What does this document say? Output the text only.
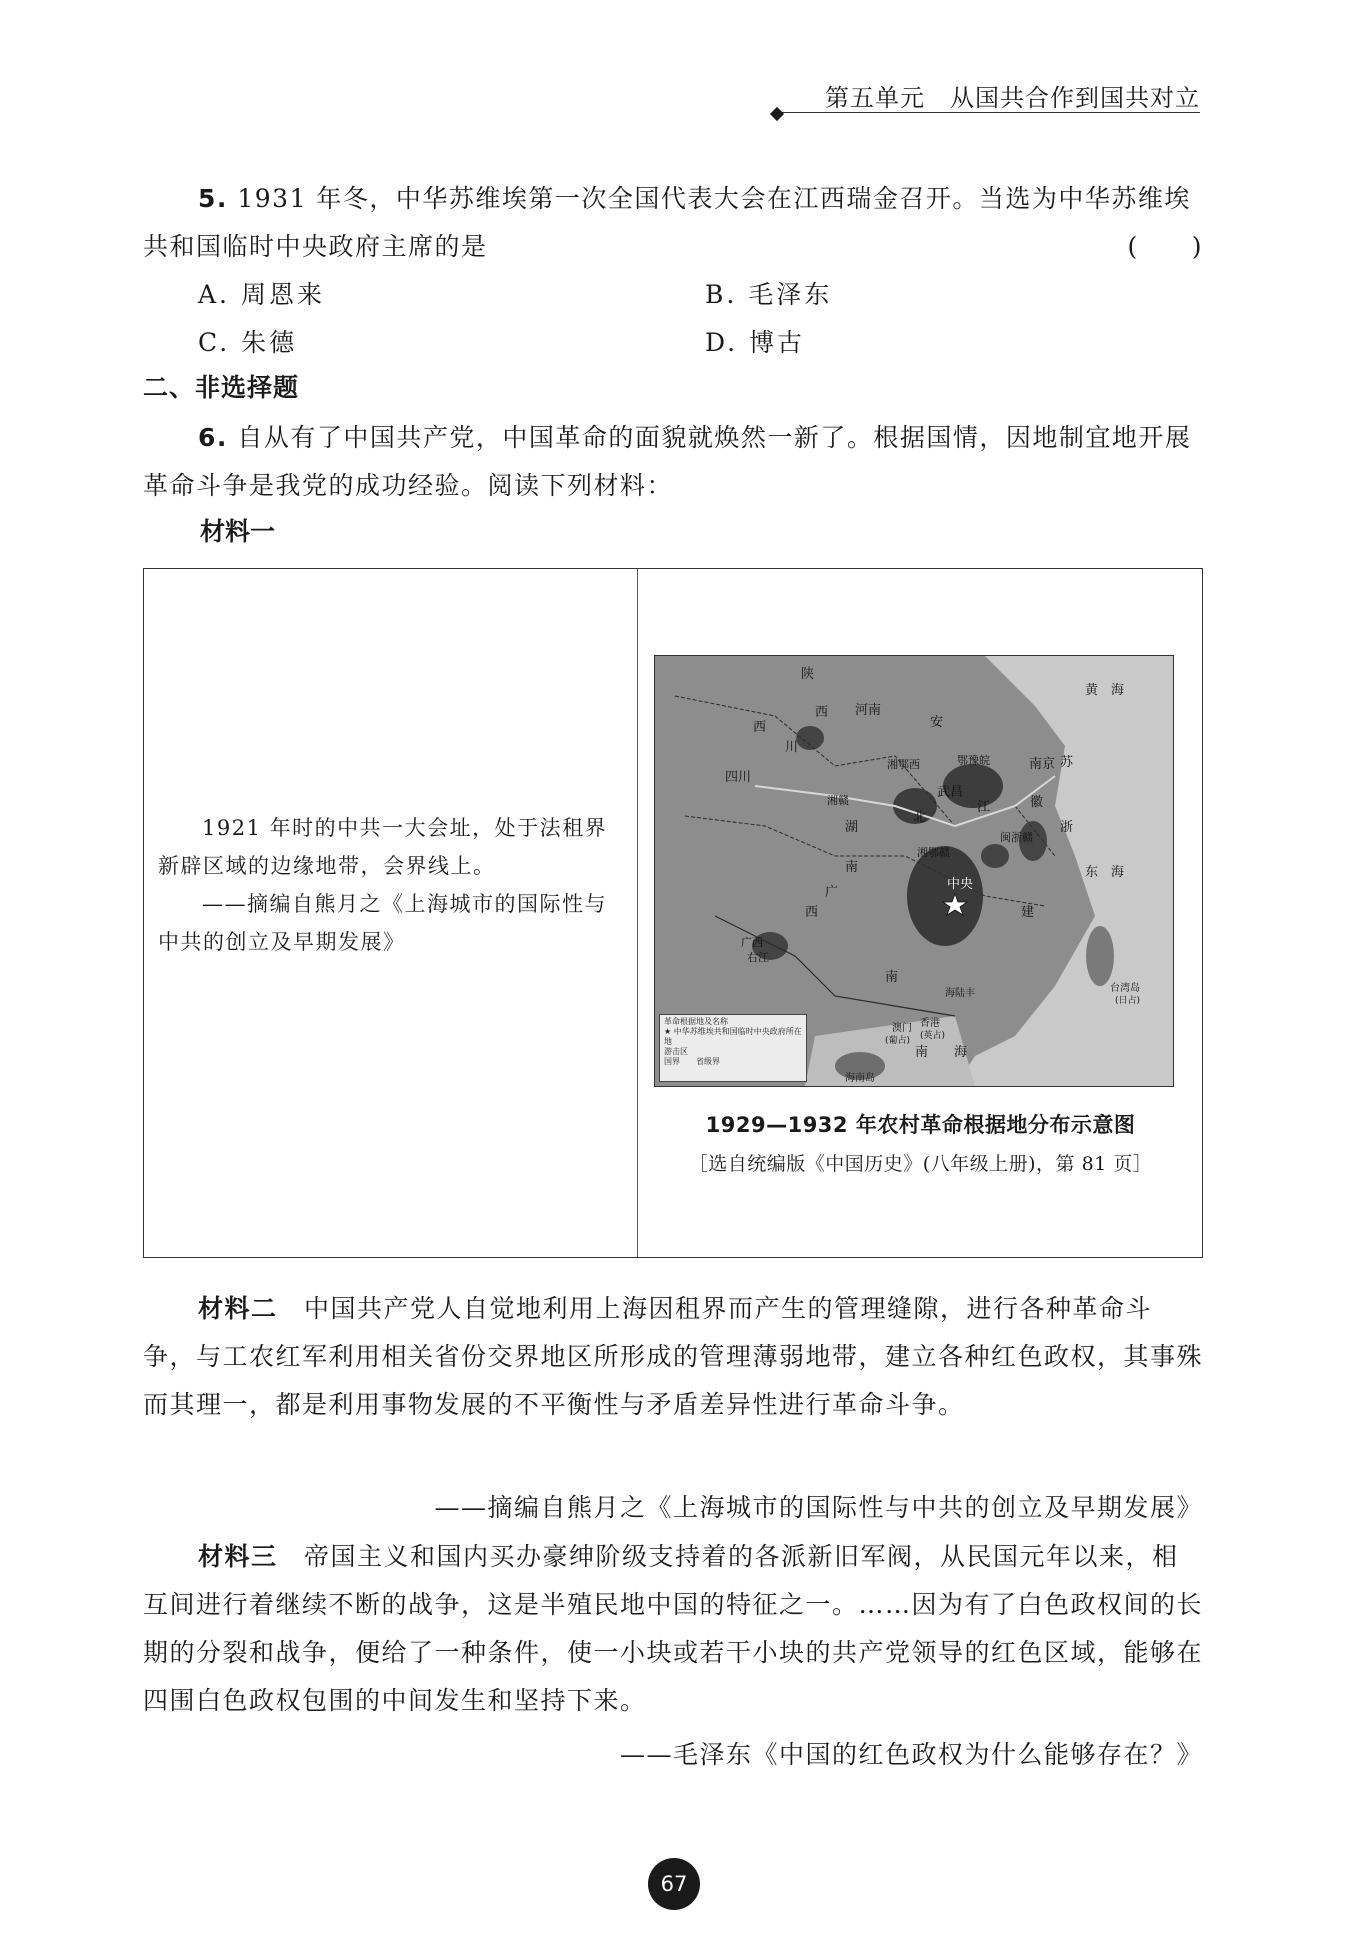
第五单元　从国共合作到国共对立
5. 1931 年冬，中华苏维埃第一次全国代表大会在江西瑞金召开。当选为中华苏维埃共和国临时中央政府主席的是	(　　)
A. 周恩来	B. 毛泽东
C. 朱德	D. 博古
二、非选择题
6. 自从有了中国共产党，中国革命的面貌就焕然一新了。根据国情，因地制宜地开展革命斗争是我党的成功经验。阅读下列材料：
材料一
1921 年时的中共一大会址，处于法租界新辟区域的边缘地带，会界线上。
——摘编自熊月之《上海城市的国际性与中共的创立及早期发展》
黄　海
东　海
南　　海
南京
武昌
中央
台湾岛
(日占)
海南岛
香港
(英占)
澳门
(葡占)
陕
河南
安
西
川
四川
北
湖
南
江
西
广
建
徽
浙
苏
鄂豫皖
湘鄂西
湘赣
湘鄂赣
闽浙赣
右江
海陆丰
南
西
广西
革命根据地及名称
★ 中华苏维埃共和国临时中央政府所在地
游击区
国界　　省级界
1929—1932 年农村革命根据地分布示意图
［选自统编版《中国历史》(八年级上册)，第 81 页］
材料二　 中国共产党人自觉地利用上海因租界而产生的管理缝隙，进行各种革命斗争，与工农红军利用相关省份交界地区所形成的管理薄弱地带，建立各种红色政权，其事殊而其理一，都是利用事物发展的不平衡性与矛盾差异性进行革命斗争。
——摘编自熊月之《上海城市的国际性与中共的创立及早期发展》
材料三　 帝国主义和国内买办豪绅阶级支持着的各派新旧军阀，从民国元年以来，相互间进行着继续不断的战争，这是半殖民地中国的特征之一。……因为有了白色政权间的长期的分裂和战争，便给了一种条件，使一小块或若干小块的共产党领导的红色区域，能够在四围白色政权包围的中间发生和坚持下来。
——毛泽东《中国的红色政权为什么能够存在？》
67
